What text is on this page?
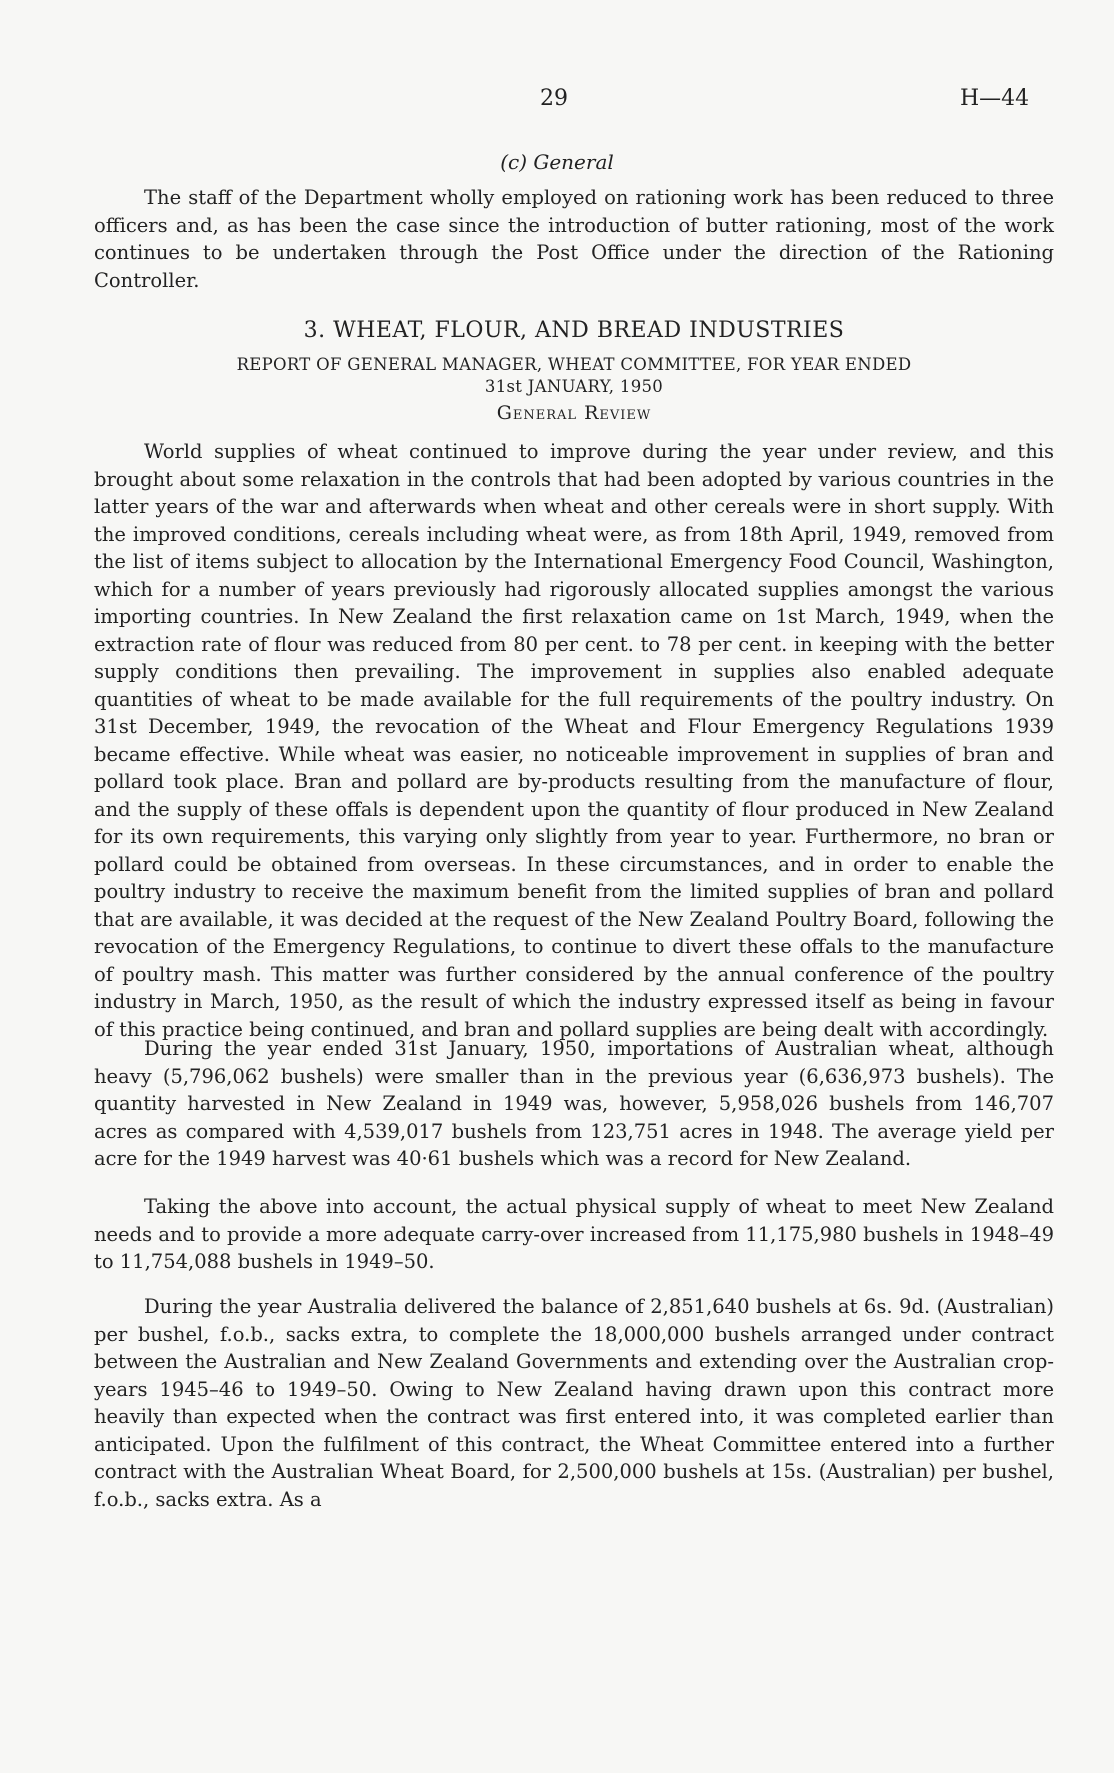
29	H—44
(c) General

The staff of the Department wholly employed on rationing work has been reduced to three officers and, as has been the case since the introduction of butter rationing, most of the work continues to be undertaken through the Post Office under the direction of the Rationing Controller.

3. WHEAT, FLOUR, AND BREAD INDUSTRIES

REPORT OF GENERAL MANAGER, WHEAT COMMITTEE, FOR YEAR ENDED

31st JANUARY, 1950

General Review

World supplies of wheat continued to improve during the year under review, and this brought about some relaxation in the controls that had been adopted by various countries in the latter years of the war and afterwards when wheat and other cereals were in short supply. With the improved conditions, cereals including wheat were, as from 18th April, 1949, removed from the list of items subject to allocation by the International Emergency Food Council, Washington, which for a number of years previously had rigorously allocated supplies amongst the various importing countries. In New Zealand the first relaxation came on 1st March, 1949, when the extraction rate of flour was reduced from 80 per cent. to 78 per cent. in keeping with the better supply conditions then prevailing. The improvement in supplies also enabled adequate quantities of wheat to be made available for the full requirements of the poultry industry. On 31st December, 1949, the revocation of the Wheat and Flour Emergency Regulations 1939 became effective. While wheat was easier, no noticeable improvement in supplies of bran and pollard took place. Bran and pollard are by-products resulting from the manufacture of flour, and the supply of these offals is dependent upon the quantity of flour produced in New Zealand for its own requirements, this varying only slightly from year to year. Furthermore, no bran or pollard could be obtained from overseas. In these circumstances, and in order to enable the poultry industry to receive the maximum benefit from the limited supplies of bran and pollard that are available, it was decided at the request of the New Zealand Poultry Board, following the revocation of the Emergency Regulations, to continue to divert these offals to the manufacture of poultry mash. This matter was further considered by the annual conference of the poultry industry in March, 1950, as the result of which the industry expressed itself as being in favour of this practice being continued, and bran and pollard supplies are being dealt with accordingly.

During the year ended 31st January, 1950, importations of Australian wheat, although heavy (5,796,062 bushels) were smaller than in the previous year (6,636,973 bushels). The quantity harvested in New Zealand in 1949 was, however, 5,958,026 bushels from 146,707 acres as compared with 4,539,017 bushels from 123,751 acres in 1948. The average yield per acre for the 1949 harvest was 40·61 bushels which was a record for New Zealand.

Taking the above into account, the actual physical supply of wheat to meet New Zealand needs and to provide a more adequate carry-over increased from 11,175,980 bushels in 1948–49 to 11,754,088 bushels in 1949–50.

During the year Australia delivered the balance of 2,851,640 bushels at 6s. 9d. (Australian) per bushel, f.o.b., sacks extra, to complete the 18,000,000 bushels arranged under contract between the Australian and New Zealand Governments and extending over the Australian crop-years 1945–46 to 1949–50. Owing to New Zealand having drawn upon this contract more heavily than expected when the contract was first entered into, it was completed earlier than anticipated. Upon the fulfilment of this contract, the Wheat Committee entered into a further contract with the Australian Wheat Board, for 2,500,000 bushels at 15s. (Australian) per bushel, f.o.b., sacks extra. As a
